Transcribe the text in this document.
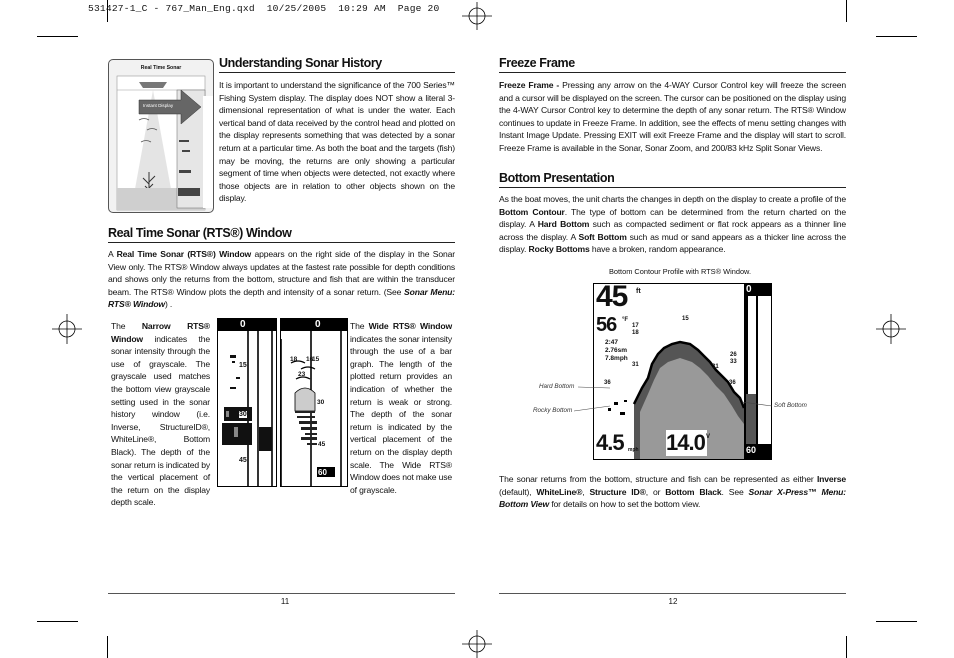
531427-1_C - 767_Man_Eng.qxd  10/25/2005  10:29 AM  Page 20
Real Time Sonar
Instant Display
Understanding Sonar History
It is important to understand the significance of the 700 Series™ Fishing System display. The display does NOT show a literal 3-dimensional representation of what is under the water. Each vertical band of data received by the control head and plotted on the display represents something that was detected by a sonar return at a particular time. As both the boat and the targets (fish) may be moving, the returns are only showing a particular segment of time when objects were detected, not exactly where those objects are in relation to other objects shown on the display.
Real Time Sonar (RTS®) Window
A Real Time Sonar (RTS®) Window appears on the right side of the display in the Sonar View only. The RTS® Window always updates at the fastest rate possible for depth conditions and shows only the returns from the bottom, structure and fish that are within the transducer beam. The RTS® Window plots the depth and intensity of a sonar return. (See Sonar Menu: RTS® Window) .
The Narrow RTS® Window indicates the sonar intensity through the use of grayscale. The grayscale used matches the bottom view grayscale setting used in the sonar history window (i.e. Inverse, StructureID®, WhiteLine®, Bottom Black). The depth of the sonar return is indicated by the vertical placement of the return on the display depth scale.
0
15
30
45
0
18
23
16
15
30
45
60
The Wide RTS® Window indicates the sonar intensity through the use of a bar graph. The length of the plotted return provides an indication of whether the return is weak or strong. The depth of the sonar return is indicated by the vertical placement of the return on the display depth scale. The Wide RTS® Window does not make use of grayscale.
11
Freeze Frame
Freeze Frame - Pressing any arrow on the 4-WAY Cursor Control key will freeze the screen and a cursor will be displayed on the screen. The cursor can be positioned on the display using the 4-WAY Cursor Control key to determine the depth of any sonar return. The RTS® Window continues to update in Freeze Frame. In addition, see the effects of menu setting changes with Instant Image Update. Pressing EXIT will exit Freeze Frame and the display will start to scroll. Freeze Frame is available in the Sonar, Sonar Zoom, and 200/83 kHz Split Sonar Views.
Bottom Presentation
As the boat moves, the unit charts the changes in depth on the display to create a profile of the Bottom Contour. The type of bottom can be determined from the return charted on the display. A Hard Bottom such as compacted sediment or flat rock appears as a thinner line across the display. A Soft Bottom such as mud or sand appears as a thicker line across the display. Rocky Bottoms have a broken, random appearance.
Bottom Contour Profile with RTS® Window.
45 ft
56 °F
2:47
2.76sm
7.8mph
4.5 mph 14.0 V
0
60
15
17
18
31
36
31
26
33
36
Hard Bottom
Rocky Bottom
Soft Bottom
The sonar returns from the bottom, structure and fish can be represented as either Inverse (default), WhiteLine®, Structure ID®, or Bottom Black. See Sonar X-Press™ Menu: Bottom View for details on how to set the bottom view.
12
